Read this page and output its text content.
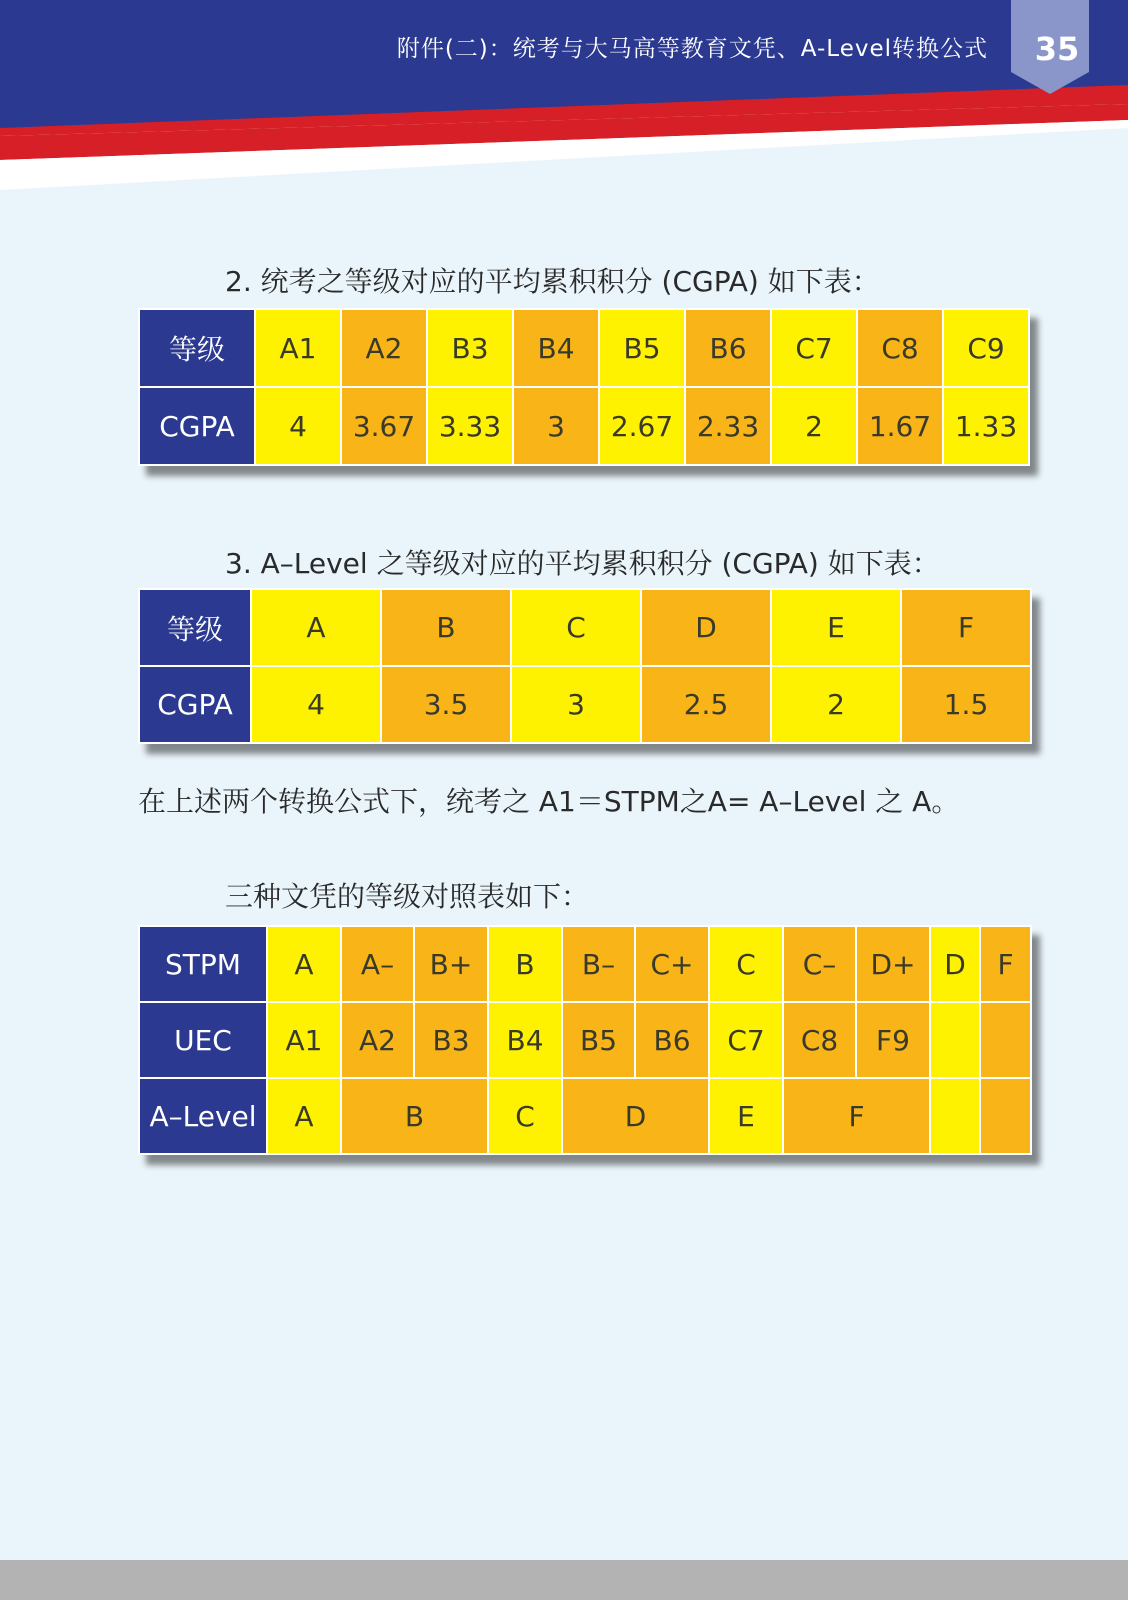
附件(二)：统考与大马高等教育文凭、A-Level转换公式 35
2. 统考之等级对应的平均累积积分 (CGPA) 如下表：
等级	A1	A2	B3	B4	B5	B6	C7	C8	C9
CGPA	4	3.67	3.33	3	2.67	2.33	2	1.67	1.33
3. A–Level 之等级对应的平均累积积分 (CGPA) 如下表：
等级	A	B	C	D	E	F
CGPA	4	3.5	3	2.5	2	1.5
在上述两个转换公式下，统考之 A1＝STPM之A= A–Level 之 A。
三种文凭的等级对照表如下：
STPM	A	A–	B+	B	B–	C+	C	C–	D+	D	F
UEC	A1	A2	B3	B4	B5	B6	C7	C8	F9		
A–Level	A	B		C	D		E	F			
